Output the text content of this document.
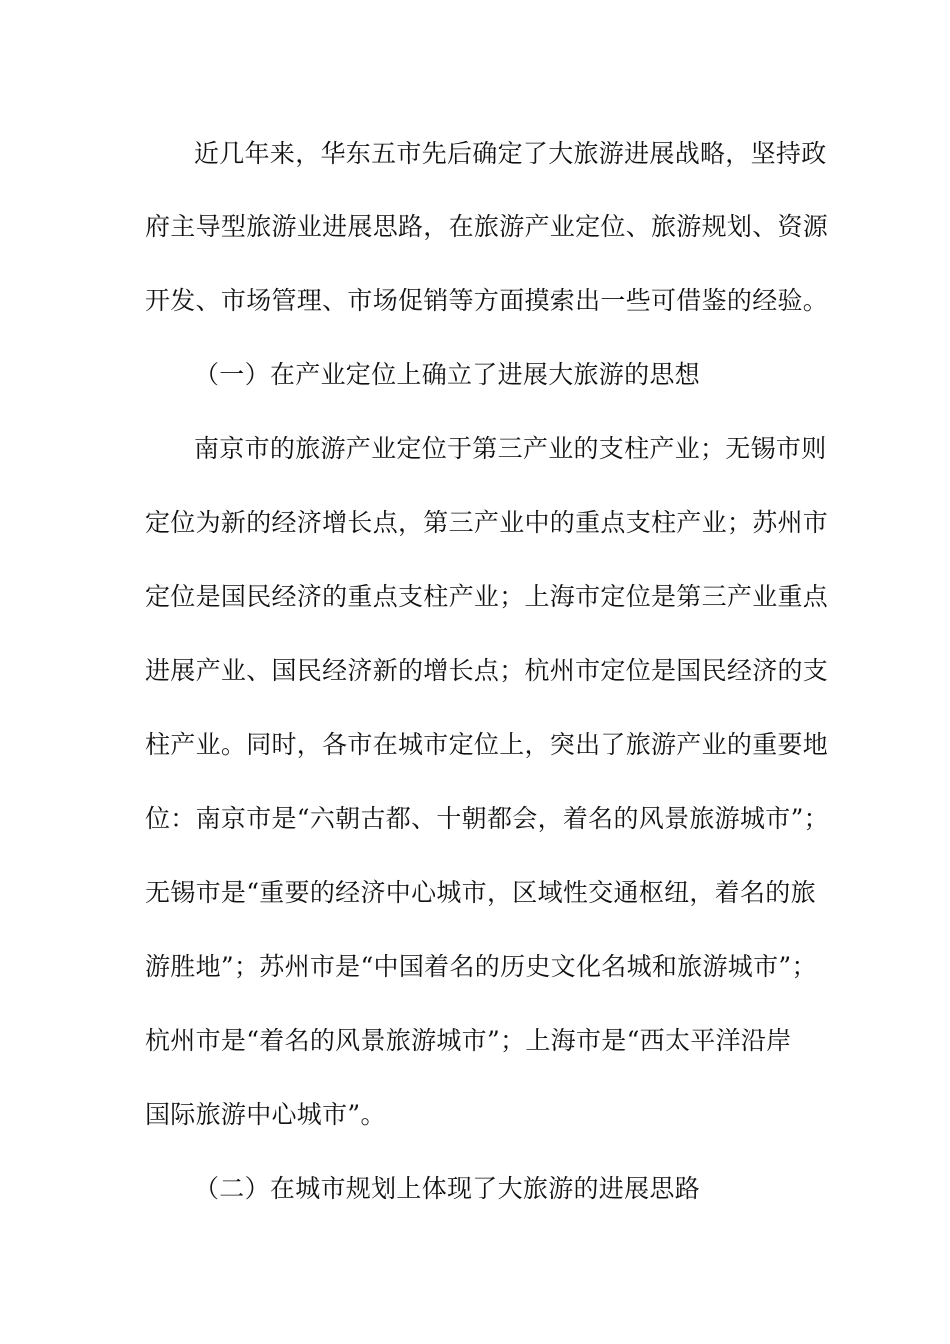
近几年来，华东五市先后确定了大旅游进展战略，坚持政
府主导型旅游业进展思路，在旅游产业定位、旅游规划、资源
开发、市场管理、市场促销等方面摸索出一些可借鉴的经验。
（一）在产业定位上确立了进展大旅游的思想
南京市的旅游产业定位于第三产业的支柱产业；无锡市则
定位为新的经济增长点，第三产业中的重点支柱产业；苏州市
定位是国民经济的重点支柱产业；上海市定位是第三产业重点
进展产业、国民经济新的增长点；杭州市定位是国民经济的支
柱产业。同时，各市在城市定位上，突出了旅游产业的重要地
位：南京市是“六朝古都、十朝都会，着名的风景旅游城市”；
无锡市是“重要的经济中心城市，区域性交通枢纽，着名的旅
游胜地”；苏州市是“中国着名的历史文化名城和旅游城市”；
杭州市是“着名的风景旅游城市”；上海市是“西太平洋沿岸
国际旅游中心城市”。
（二）在城市规划上体现了大旅游的进展思路
